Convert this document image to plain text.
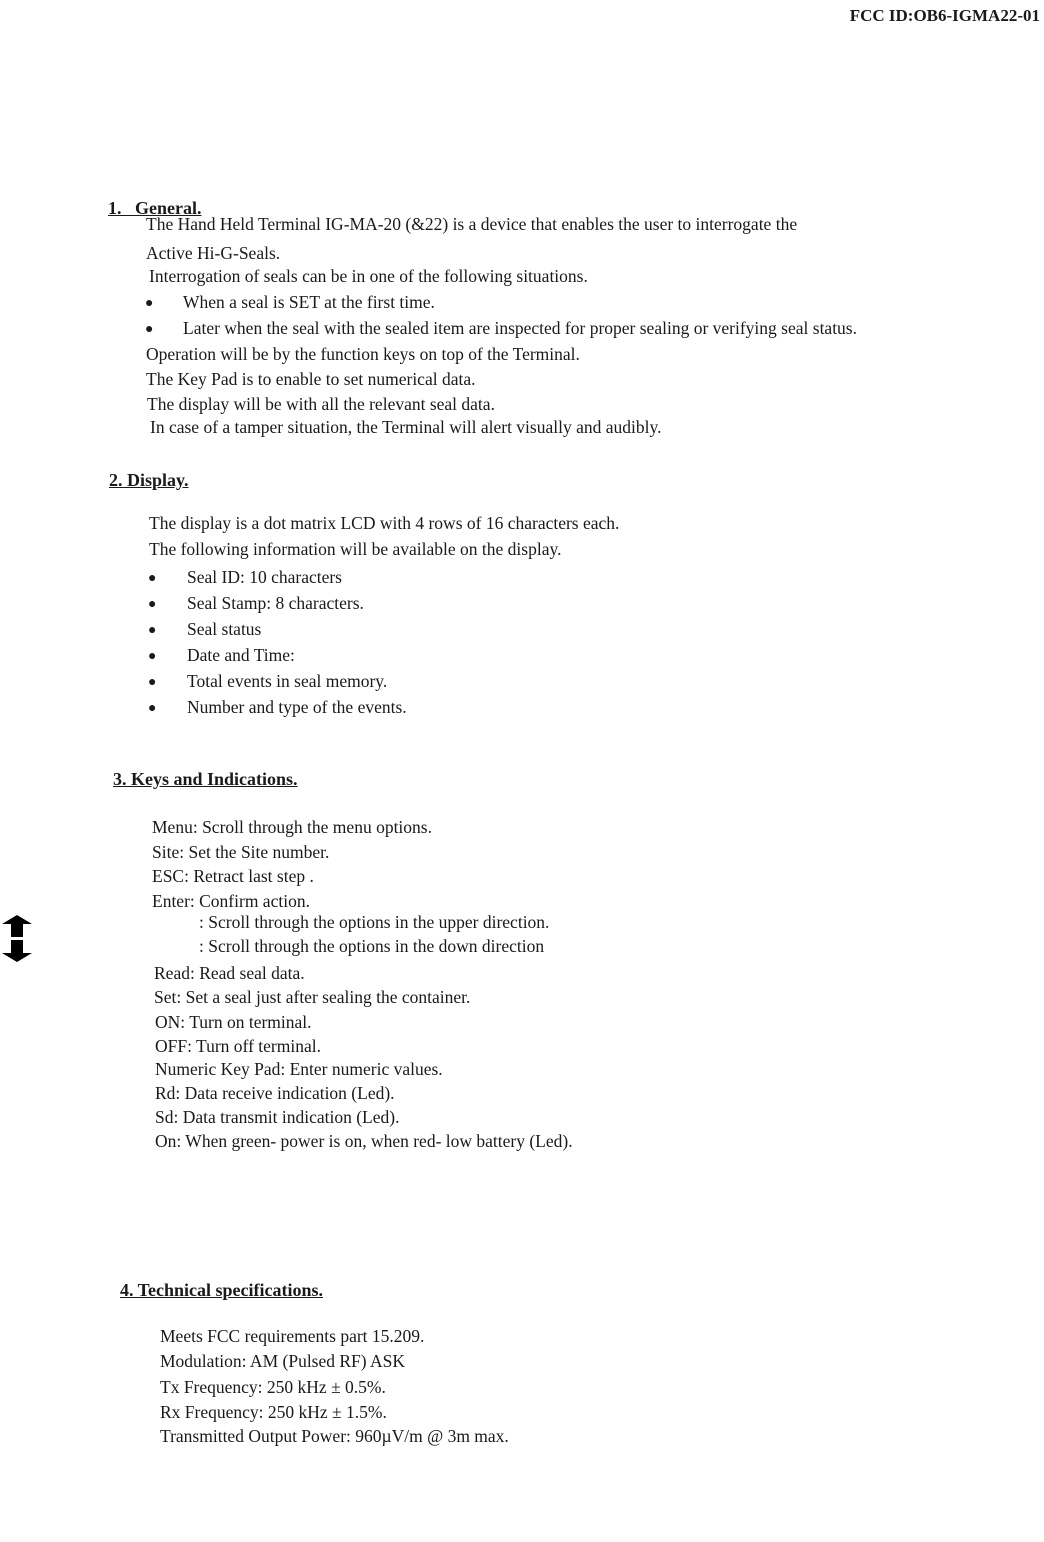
FCC ID:OB6-IGMA22-01
1.   General.
The Hand Held Terminal IG-MA-20 (&22) is a device that enables the user to interrogate the
Active Hi-G-Seals.
Interrogation of seals can be in one of the following situations.
● When a seal is SET at the first time.
● Later when the seal with the sealed item are inspected for proper sealing or verifying seal status.
Operation will be by the function keys on top of the Terminal.
The Key Pad is to enable to set numerical data.
The display will be with all the relevant seal data.
In case of a tamper situation, the Terminal will alert visually and audibly.
2. Display.
The display is a dot matrix LCD with 4 rows of 16 characters each.
The following information will be available on the display.
● Seal ID: 10 characters
● Seal Stamp: 8 characters.
● Seal status
● Date and Time:
● Total events in seal memory.
● Number and type of the events.
3. Keys and Indications.
Menu: Scroll through the menu options.
Site: Set the Site number.
ESC: Retract last step .
Enter: Confirm action.
: Scroll through the options in the upper direction.
: Scroll through the options in the down direction
Read: Read seal data.
Set: Set a seal just after sealing the container.
ON: Turn on terminal.
OFF: Turn off terminal.
Numeric Key Pad: Enter numeric values.
Rd: Data receive indication (Led).
Sd: Data transmit indication (Led).
On: When green- power is on, when red- low battery (Led).
4. Technical specifications.
Meets FCC requirements part 15.209.
Modulation: AM (Pulsed RF) ASK
Tx Frequency: 250 kHz ± 0.5%.
Rx Frequency: 250 kHz ± 1.5%.
Transmitted Output Power: 960µV/m @ 3m max.
